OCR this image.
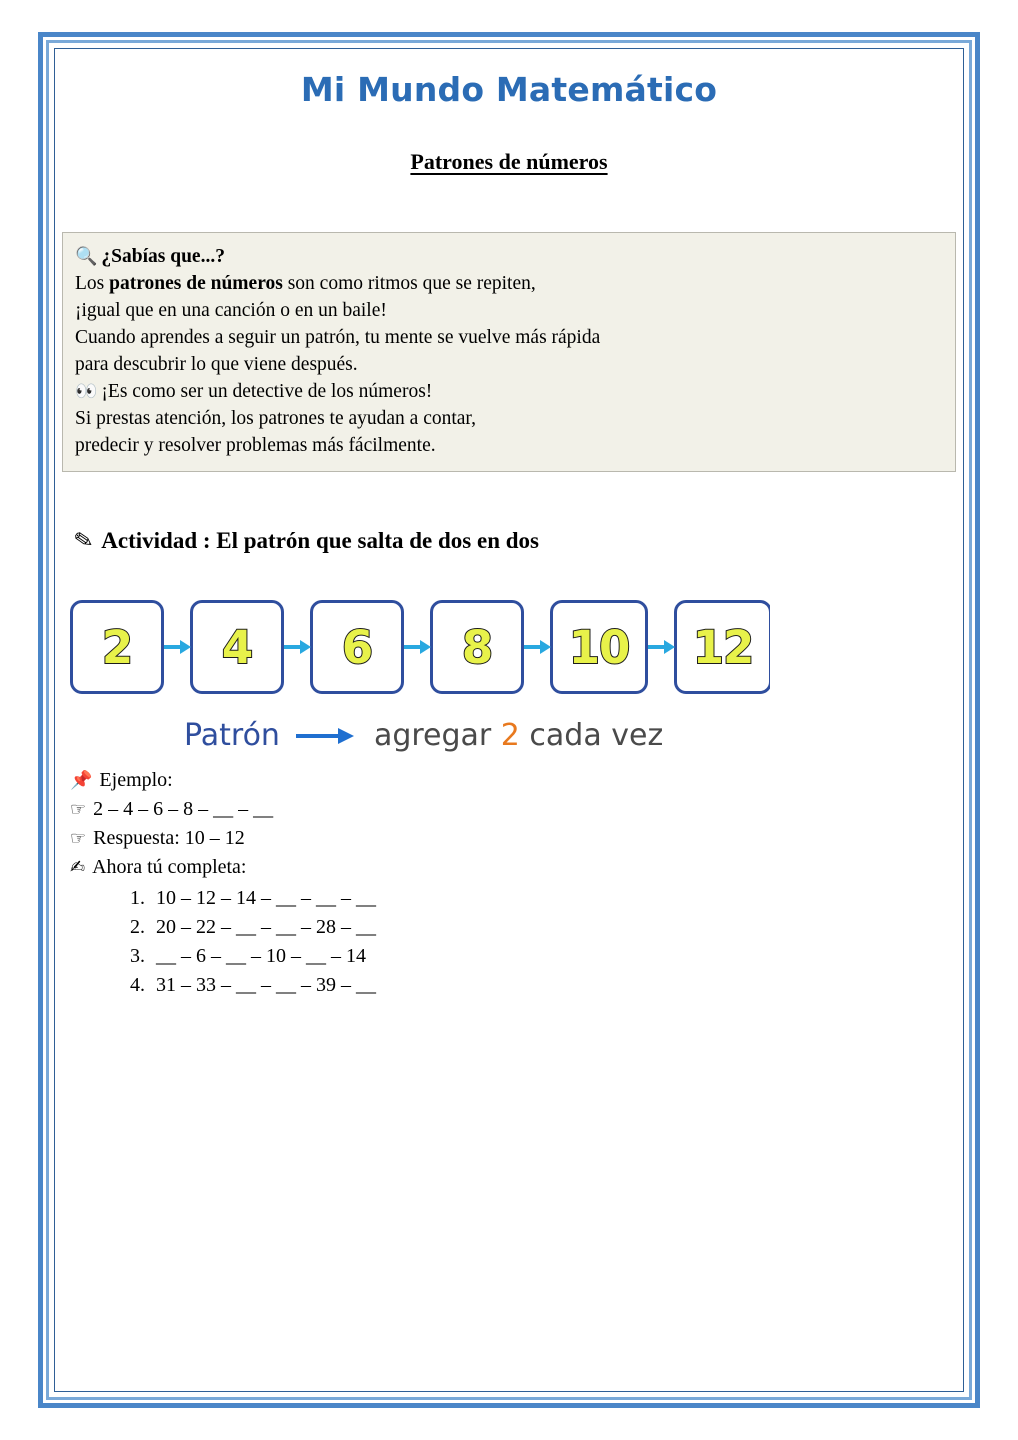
Mi Mundo Matemático
Patrones de números
🔍 ¿Sabías que...?
Los patrones de números son como ritmos que se repiten,
¡igual que en una canción o en un baile!
Cuando aprendes a seguir un patrón, tu mente se vuelve más rápida
para descubrir lo que viene después.
👀 ¡Es como ser un detective de los números!
Si prestas atención, los patrones te ayudan a contar,
predecir y resolver problemas más fácilmente.
✎ Actividad : El patrón que salta de dos en dos
2 4 6 8 10 12
Patrón	agregar 2 cada vez
📌 Ejemplo:
☞ 2 – 4 – 6 – 8 – __ – __
☞ Respuesta: 10 – 12
✍ Ahora tú completa:
1. 10 – 12 – 14 – __ – __ – __
2. 20 – 22 – __ – __ – 28 – __
3. __ – 6 – __ – 10 – __ – 14
4. 31 – 33 – __ – __ – 39 – __
